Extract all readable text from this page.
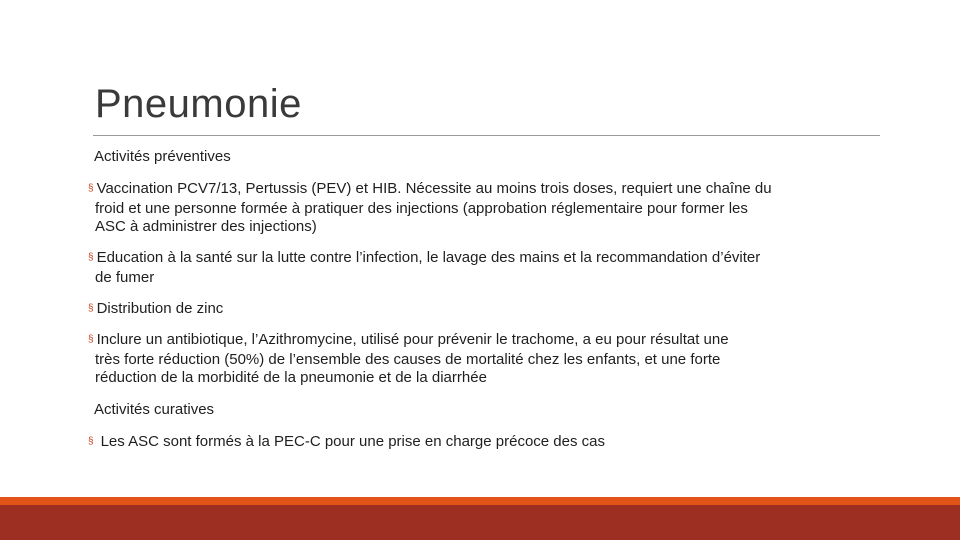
Pneumonie
Activités préventives
§ Vaccination PCV7/13, Pertussis (PEV) et HIB. Nécessite au moins trois doses, requiert une chaîne du
froid et une personne formée à pratiquer des injections (approbation réglementaire pour former les
ASC à administrer des injections)
§ Education à la santé sur la lutte contre l’infection, le lavage des mains et la recommandation d’éviter
de fumer
§ Distribution de zinc
§ Inclure un antibiotique, l’Azithromycine, utilisé pour prévenir le trachome, a eu pour résultat une
très forte réduction (50%) de l’ensemble des causes de mortalité chez les enfants, et une forte
réduction de la morbidité de la pneumonie et de la diarrhée
Activités curatives
§ Les ASC sont formés à la PEC-C pour une prise en charge précoce des cas
